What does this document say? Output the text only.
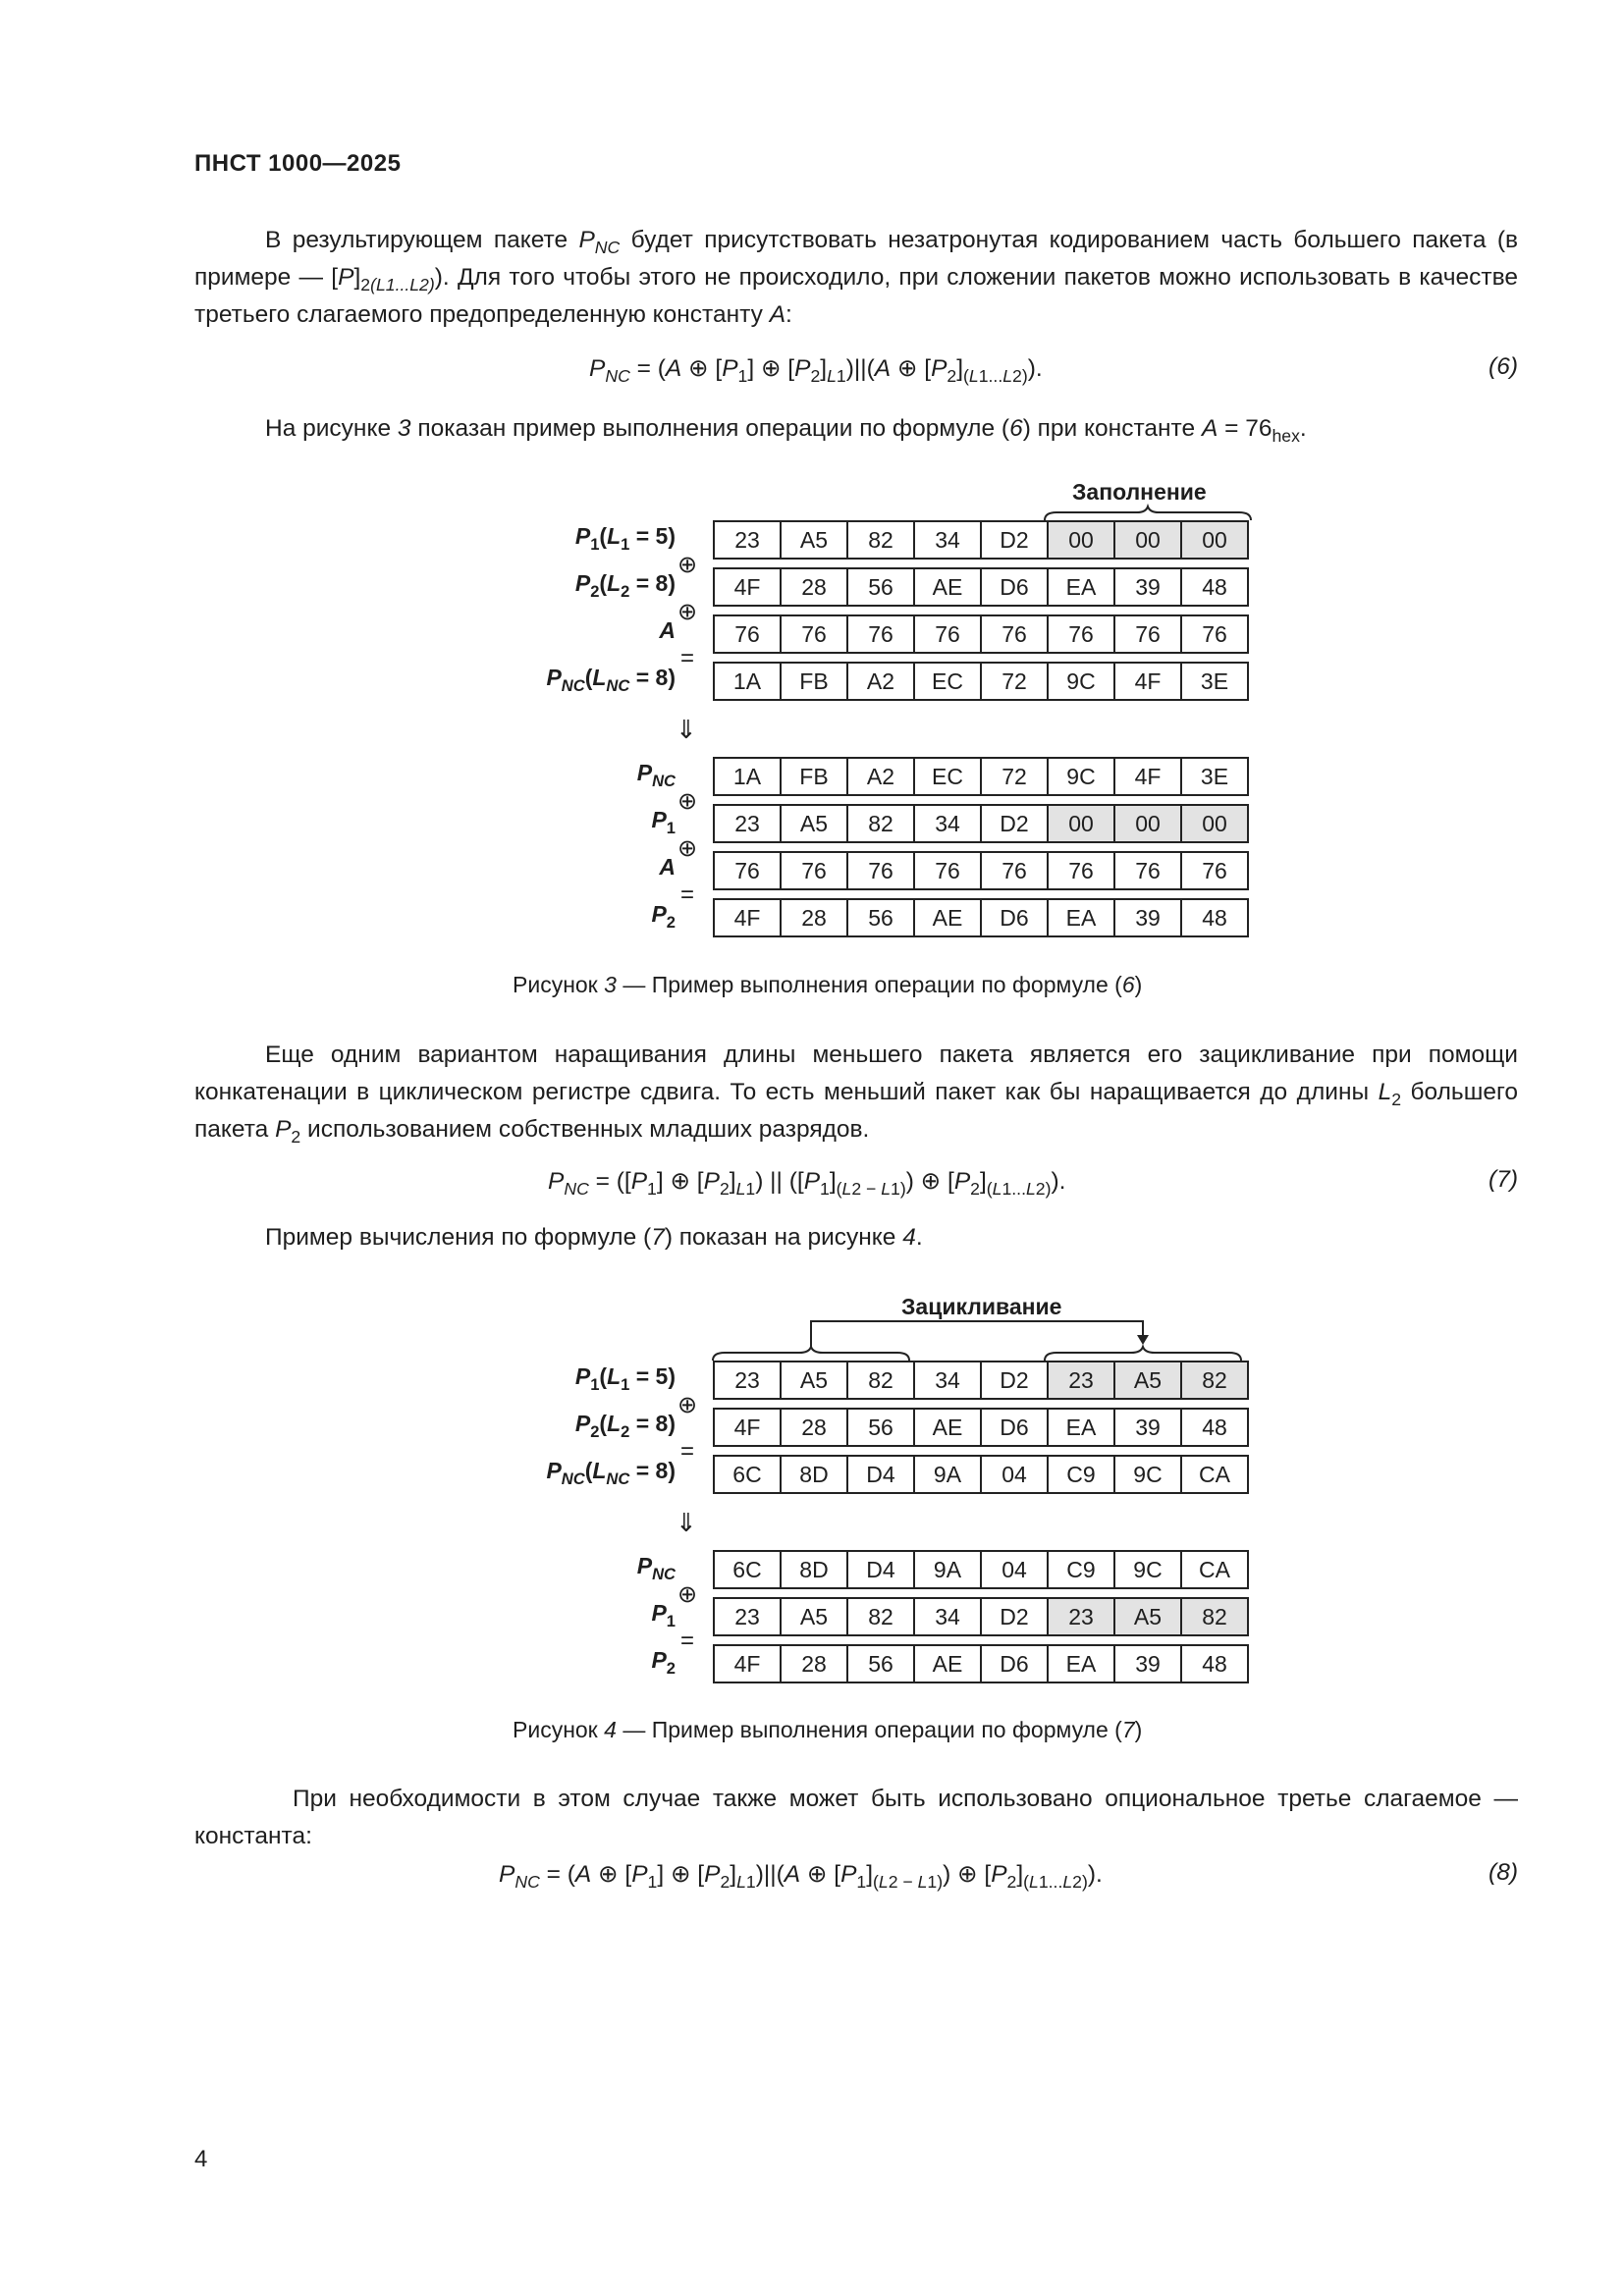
ПНСТ 1000—2025
В результирующем пакете $P_{NC}$ будет присутствовать незатронутая кодированием часть большего пакета (в примере — $[P]_{2(L1...L2)}$). Для того чтобы этого не происходило, при сложении пакетов можно использовать в качестве третьего слагаемого предопределенную константу A:
$P_{NC} = (A$ ⊕ $[P_1]$ ⊕ $[P_2]_{L1})||(A$ ⊕ $[P_2]_{(L1...L2)}$).	(6)
На рисунке 3 показан пример выполнения операции по формуле (6) при константе $A = 76_{hex}$.
Заполнение
$P_1(L_1 = 5)$
$P_2(L_2 = 8)$
A
$P_{NC}(L_{NC} = 8)$
⊕
⊕
=
23	A5	82	34	D2	00	00	00
4F	28	56	AE	D6	EA	39	48
76	76	76	76	76	76	76	76
1A	FB	A2	EC	72	9C	4F	3E
⇓
$P_{NC}$
$P_1$
A
$P_2$
⊕
⊕
=
1A	FB	A2	EC	72	9C	4F	3E
23	A5	82	34	D2	00	00	00
76	76	76	76	76	76	76	76
4F	28	56	AE	D6	EA	39	48
Рисунок 3 — Пример выполнения операции по формуле (6)
Еще одним вариантом наращивания длины меньшего пакета является его зацикливание при помощи конкатенации в циклическом регистре сдвига. То есть меньший пакет как бы наращивается до длины $L_2$ большего пакета $P_2$ использованием собственных младших разрядов.
$P_{NC} = ([P_1]$ ⊕ $[P_2]_{L1}$) || $([P_1]_{(L2 - L1)})$ ⊕ $[P_2]_{(L1...L2)}$).	(7)
Пример вычисления по формуле (7) показан на рисунке 4.
Зацикливание
$P_1(L_1 = 5)$
$P_2(L_2 = 8)$
$P_{NC}(L_{NC} = 8)$
⊕
=
23	A5	82	34	D2	23	A5	82
4F	28	56	AE	D6	EA	39	48
6C	8D	D4	9A	04	C9	9C	CA
⇓
$P_{NC}$
$P_1$
$P_2$
⊕
=
6C	8D	D4	9A	04	C9	9C	CA
23	A5	82	34	D2	23	A5	82
4F	28	56	AE	D6	EA	39	48
Рисунок 4 — Пример выполнения операции по формуле (7)
При необходимости в этом случае также может быть использовано опциональное третье слагаемое — константа:
$P_{NC} = (A$ ⊕ $[P_1]$ ⊕ $[P_2]_{L1})||(A$ ⊕ $[P_1]_{(L2 - L1)}$) ⊕ $[P_2]_{(L1...L2)}$).	(8)
4
